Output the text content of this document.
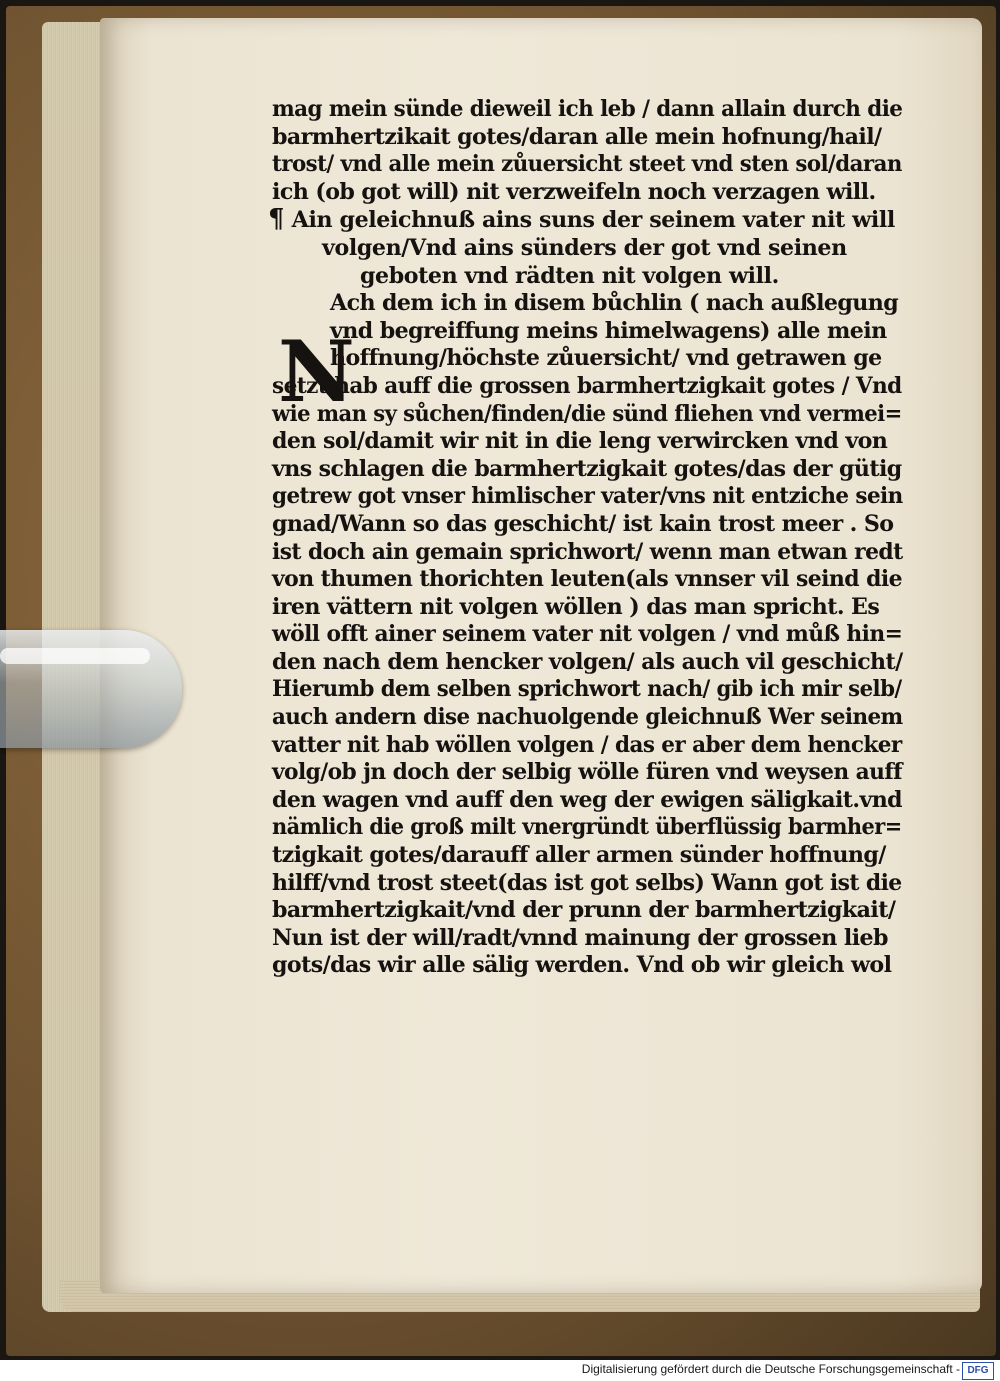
mag mein sünde dieweil ich leb / dann allain durch die
barmhertzikait gotes/daran alle mein hofnung/hail/
trost/ vnd alle mein zůuersicht steet vnd sten sol/daran
ich (ob got will) nit verzweifeln noch verzagen will.
¶ Ain geleichnuß ains suns der seinem vater nit will
volgen/Vnd ains sünders der got vnd seinen
geboten vnd rädten nit volgen will.
Ach dem ich in disem bůchlin ( nach außlegung
vnd begreiffung meins himelwagens) alle mein
hoffnung/höchste zůuersicht/ vnd getrawen ge
setzt hab auff die grossen barmhertzigkait gotes / Vnd
wie man sy sůchen/finden/die sünd fliehen vnd vermei=
den sol/damit wir nit in die leng verwircken vnd von
vns schlagen die barmhertzigkait gotes/das der gütig
getrew got vnser himlischer vater/vns nit entziche sein
gnad/Wann so das geschicht/ ist kain trost meer . So
ist doch ain gemain sprichwort/ wenn man etwan redt
von thumen thorichten leuten(als vnnser vil seind die
iren vättern nit volgen wöllen ) das man spricht. Es
wöll offt ainer seinem vater nit volgen / vnd můß hin=
den nach dem hencker volgen/ als auch vil geschicht/
Hierumb dem selben sprichwort nach/ gib ich mir selb/
auch andern dise nachuolgende gleichnuß Wer seinem
vatter nit hab wöllen volgen / das er aber dem hencker
volg/ob jn doch der selbig wölle füren vnd weysen auff
den wagen vnd auff den weg der ewigen säligkait.vnd
nämlich die groß milt vnergründt überflüssig barmher=
tzigkait gotes/darauff aller armen sünder hoffnung/
hilff/vnd trost steet(das ist got selbs) Wann got ist die
barmhertzigkait/vnd der prunn der barmhertzigkait/
Nun ist der will/radt/vnnd mainung der grossen lieb
gots/das wir alle sälig werden. Vnd ob wir gleich wol
N
Digitalisierung gefördert durch die Deutsche Forschungsgemeinschaft - DFG
